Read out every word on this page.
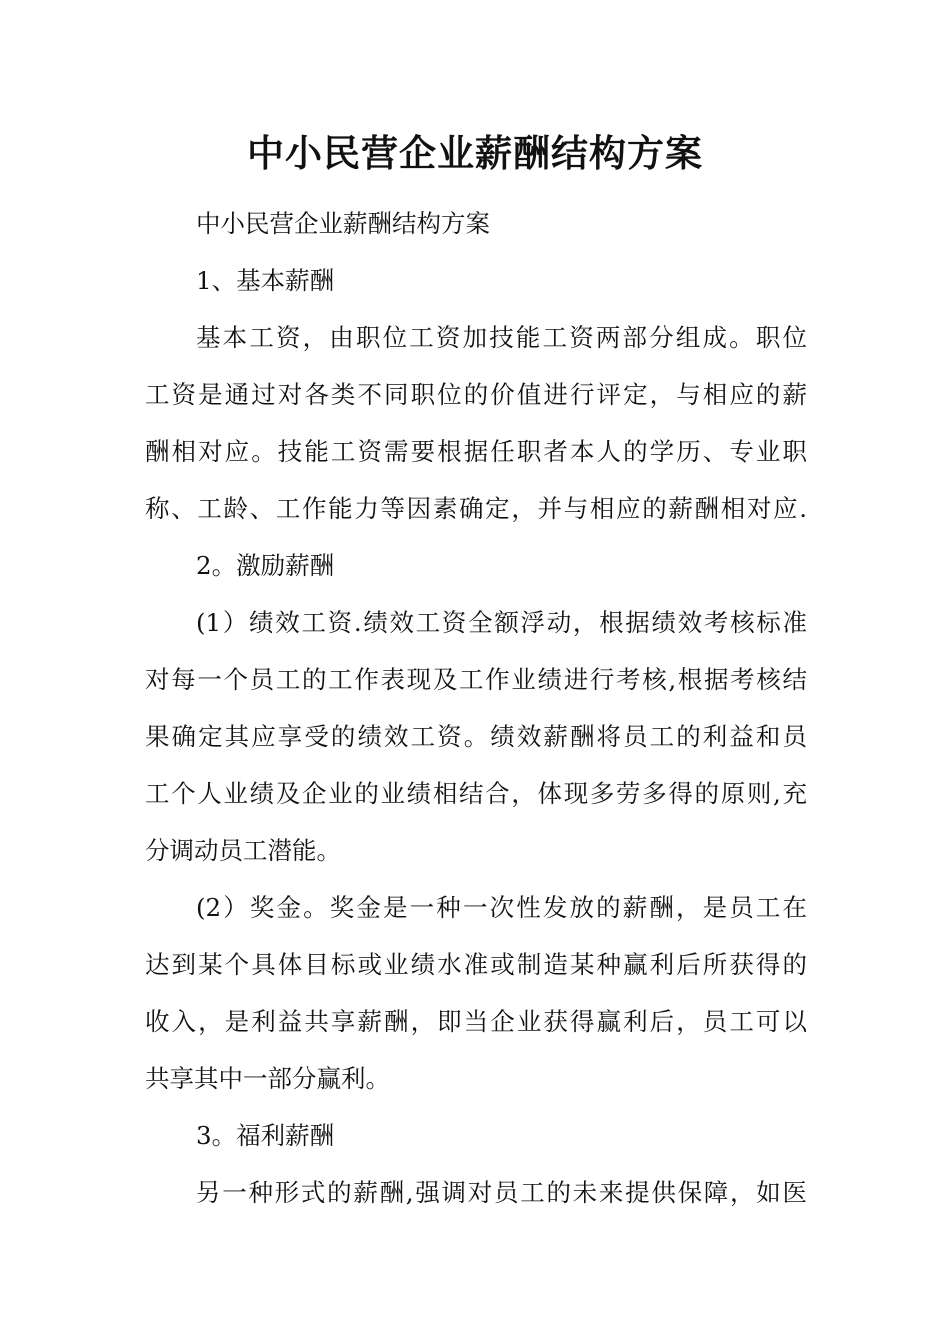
中小民营企业薪酬结构方案

中小民营企业薪酬结构方案

1、基本薪酬

基本工资，由职位工资加技能工资两部分组成。职位

工资是通过对各类不同职位的价值进行评定，与相应的薪

酬相对应。技能工资需要根据任职者本人的学历、专业职

称、工龄、工作能力等因素确定，并与相应的薪酬相对应.

2。激励薪酬

(1）绩效工资.绩效工资全额浮动，根据绩效考核标准

对每一个员工的工作表现及工作业绩进行考核,根据考核结

果确定其应享受的绩效工资。绩效薪酬将员工的利益和员

工个人业绩及企业的业绩相结合，体现多劳多得的原则,充

分调动员工潜能。

(2）奖金。奖金是一种一次性发放的薪酬，是员工在

达到某个具体目标或业绩水准或制造某种赢利后所获得的

收入，是利益共享薪酬，即当企业获得赢利后，员工可以

共享其中一部分赢利。

3。福利薪酬

另一种形式的薪酬,强调对员工的未来提供保障，如医
